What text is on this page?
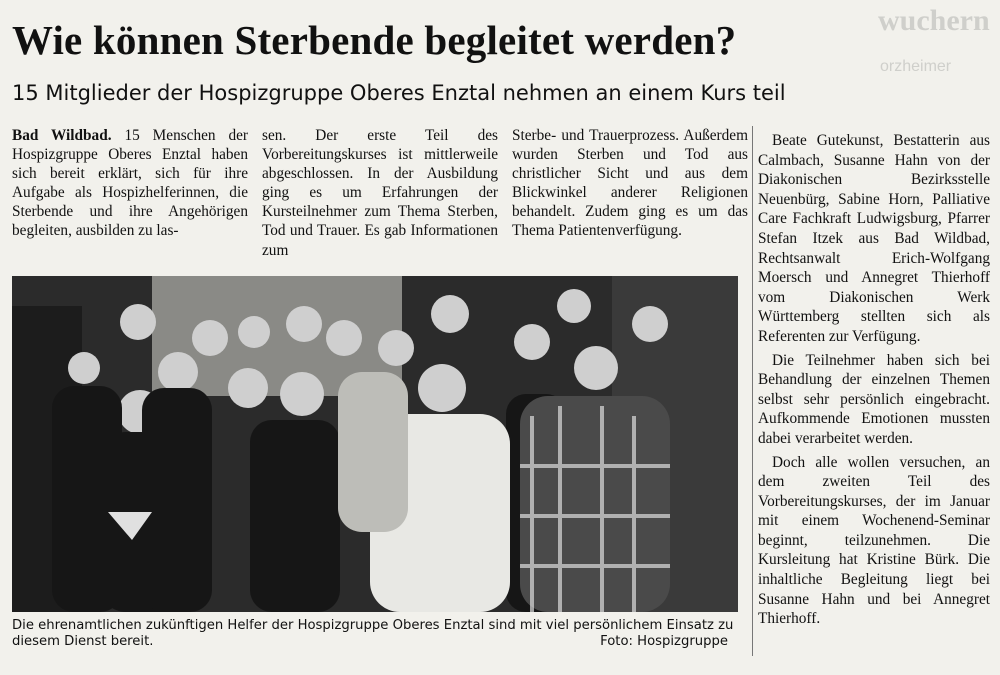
wuchern
orzheimer
Wie können Sterbende begleitet werden?
15 Mitglieder der Hospizgruppe Oberes Enztal nehmen an einem Kurs teil

Bad Wildbad. 15 Menschen der Hospizgruppe Oberes Enztal haben sich bereit erklärt, sich für ihre Aufgabe als Hospizhelferinnen, die Sterbende und ihre Angehörigen begleiten, ausbilden zu las-

sen. Der erste Teil des Vorbereitungskurses ist mittlerweile abgeschlossen. In der Ausbildung ging es um Erfahrungen der Kursteilnehmer zum Thema Sterben, Tod und Trauer. Es gab Informationen zum

Sterbe- und Trauerprozess. Außerdem wurden Sterben und Tod aus christlicher Sicht und aus dem Blickwinkel anderer Religionen behandelt. Zudem ging es um das Thema Patientenverfügung.

Beate Gutekunst, Bestatterin aus Calmbach, Susanne Hahn von der Diakonischen Bezirksstelle Neuenbürg, Sabine Horn, Palliative Care Fachkraft Ludwigsburg, Pfarrer Stefan Itzek aus Bad Wildbad, Rechtsanwalt Erich-Wolfgang Moersch und Annegret Thierhoff vom Diakonischen Werk Württemberg stellten sich als Referenten zur Verfügung.

Die Teilnehmer haben sich bei Behandlung der einzelnen Themen selbst sehr persönlich eingebracht. Aufkommende Emotionen mussten dabei verarbeitet werden.

Doch alle wollen versuchen, an dem zweiten Teil des Vorbereitungskurses, der im Januar mit einem Wochenend-Seminar beginnt, teilzunehmen. Die Kursleitung hat Kristine Bürk. Die inhaltliche Begleitung liegt bei Susanne Hahn und bei Annegret Thierhoff.

Die ehrenamtlichen zukünftigen Helfer der Hospizgruppe Oberes Enztal sind mit viel persönlichem Einsatz zu diesem Dienst bereit.	Foto: Hospizgruppe
